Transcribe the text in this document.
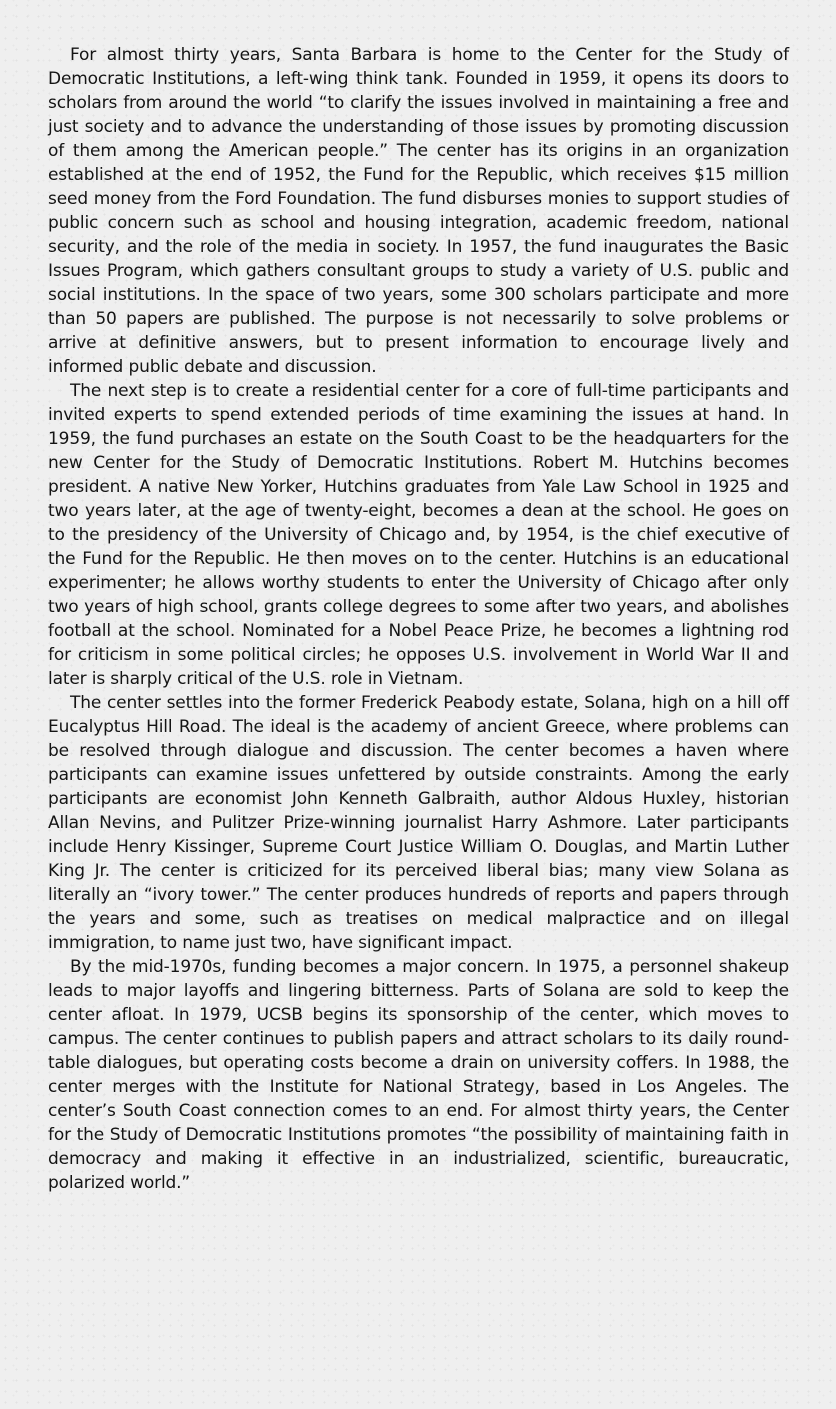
For almost thirty years, Santa Barbara is home to the Center for the Study of Democratic Institutions, a left-wing think tank. Founded in 1959, it opens its doors to scholars from around the world “to clarify the issues involved in maintaining a free and just society and to advance the understanding of those issues by promoting discussion of them among the American people.” The center has its origins in an organization established at the end of 1952, the Fund for the Republic, which receives $15 million seed money from the Ford Foundation. The fund disburses monies to support studies of public concern such as school and housing integration, academic freedom, national security, and the role of the media in society. In 1957, the fund inaugurates the Basic Issues Program, which gathers consultant groups to study a variety of U.S. public and social institutions. In the space of two years, some 300 scholars participate and more than 50 papers are published. The purpose is not necessarily to solve problems or arrive at definitive answers, but to present information to encourage lively and informed public debate and discussion.

The next step is to create a residential center for a core of full-time participants and invited experts to spend extended periods of time examining the issues at hand. In 1959, the fund purchases an estate on the South Coast to be the headquarters for the new Center for the Study of Democratic Institutions. Robert M. Hutchins becomes president. A native New Yorker, Hutchins graduates from Yale Law School in 1925 and two years later, at the age of twenty-eight, becomes a dean at the school. He goes on to the presidency of the University of Chicago and, by 1954, is the chief executive of the Fund for the Republic. He then moves on to the center. Hutchins is an educational experimenter; he allows worthy students to enter the University of Chicago after only two years of high school, grants college degrees to some after two years, and abolishes football at the school. Nominated for a Nobel Peace Prize, he becomes a lightning rod for criticism in some political circles; he opposes U.S. involvement in World War II and later is sharply critical of the U.S. role in Vietnam.

The center settles into the former Frederick Peabody estate, Solana, high on a hill off Eucalyptus Hill Road. The ideal is the academy of ancient Greece, where problems can be resolved through dialogue and discussion. The center becomes a haven where participants can examine issues unfettered by outside constraints. Among the early participants are economist John Kenneth Galbraith, author Aldous Huxley, historian Allan Nevins, and Pulitzer Prize-winning journalist Harry Ashmore. Later participants include Henry Kissinger, Supreme Court Justice William O. Douglas, and Martin Luther King Jr. The center is criticized for its perceived liberal bias; many view Solana as literally an “ivory tower.” The center produces hundreds of reports and papers through the years and some, such as treatises on medical malpractice and on illegal immigration, to name just two, have significant impact.

By the mid-1970s, funding becomes a major concern. In 1975, a personnel shakeup leads to major layoffs and lingering bitterness. Parts of Solana are sold to keep the center afloat. In 1979, UCSB begins its sponsorship of the center, which moves to campus. The center continues to publish papers and attract scholars to its daily round-table dialogues, but operating costs become a drain on university coffers. In 1988, the center merges with the Institute for National Strategy, based in Los Angeles. The center’s South Coast connection comes to an end. For almost thirty years, the Center for the Study of Democratic Institutions promotes “the possibility of maintaining faith in democracy and making it effective in an industrialized, scientific, bureaucratic, polarized world.”
